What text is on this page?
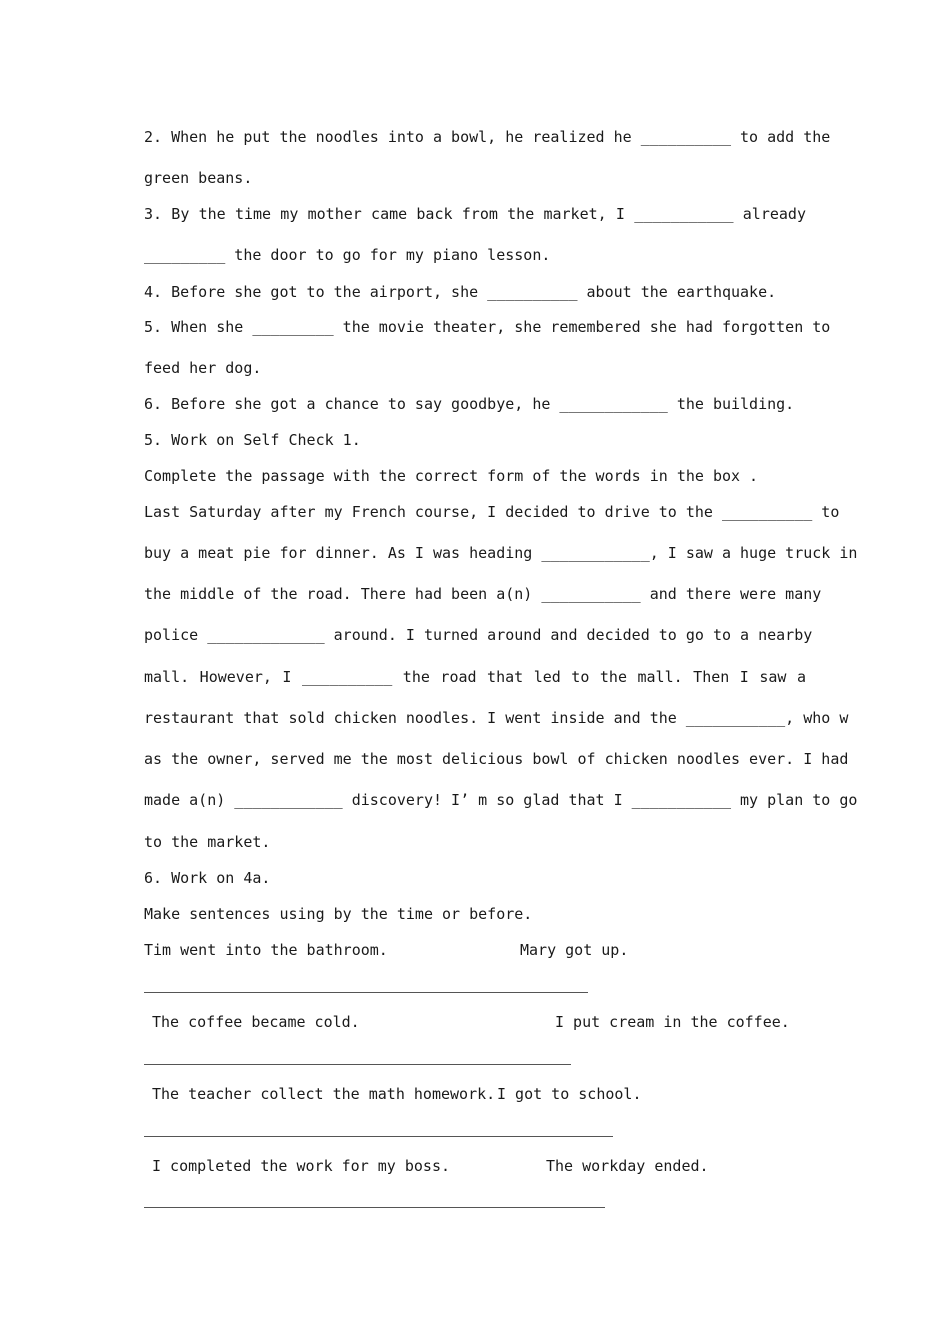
2. When he put the noodles into a bowl, he realized he __________ to add the
green beans.
3. By the time my mother came back from the market, I ___________ already
_________ the door to go for my piano lesson.
4. Before she got to the airport, she __________ about the earthquake.
5. When she _________ the movie theater, she remembered she had forgotten to
feed her dog.
6. Before she got a chance to say goodbye, he ____________ the building.
5. Work on Self Check 1.
Complete the passage with the correct form of the words in the box .
Last Saturday after my French course, I decided to drive to the __________ to
buy a meat pie for dinner. As I was heading ____________, I saw a huge truck in
the middle of the road. There had been a(n) ___________ and there were many
police _____________ around. I turned around and decided to go to a nearby
mall. However, I __________ the road that led to the mall. Then I saw a
restaurant that sold chicken noodles. I went inside and the ___________, who w
as the owner, served me the most delicious bowl of chicken noodles ever. I had
made a(n) ____________ discovery! I’ m so glad that I ___________ my plan to go
to the market.
6. Work on 4a.
Make sentences using by the time or before.
Tim went into the bathroom.	Mary got up.
The coffee became cold.	I put cream in the coffee.
The teacher collect the math homework. I got to school.
I completed the work for my boss.	The workday ended.
